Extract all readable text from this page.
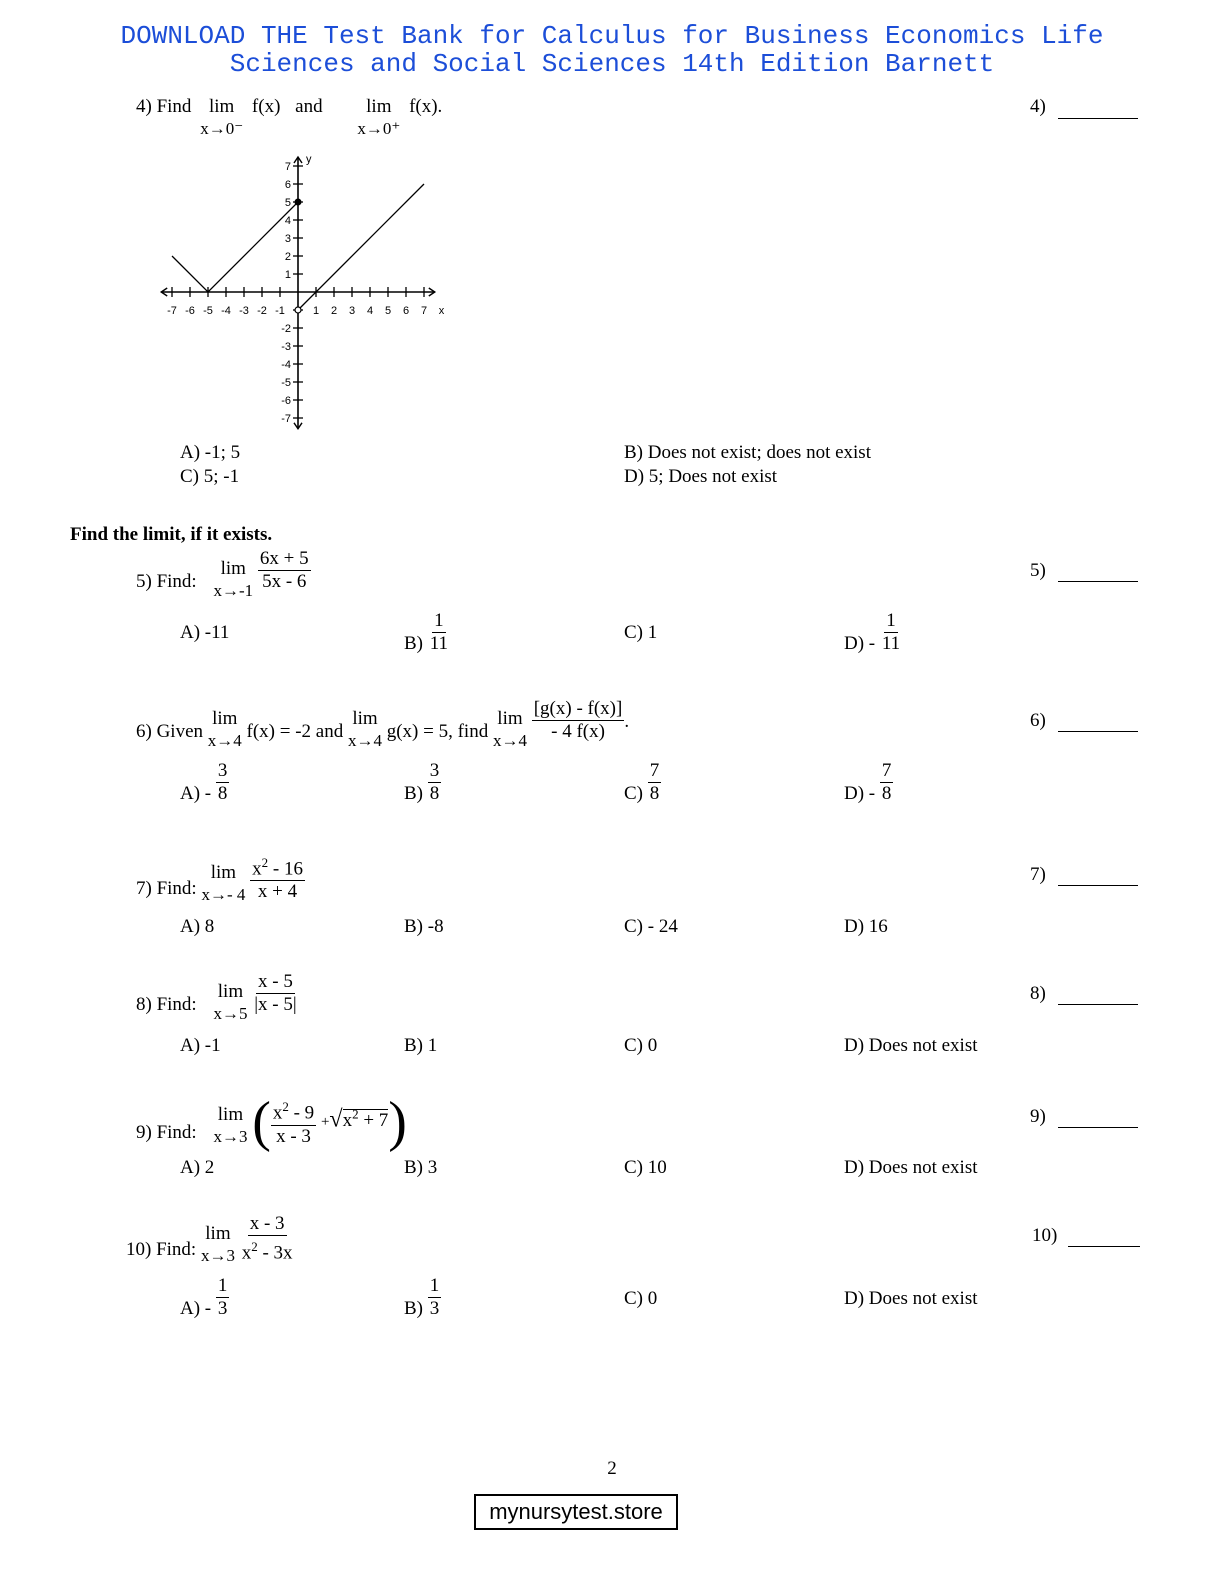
DOWNLOAD THE Test Bank for Calculus for Business Economics Life
Sciences and Social Sciences 14th Edition Barnett
4) Find lim
x→0⁻
f(x) and lim
x→0⁺
f(x).	4)
-7 -6 -5 -4 -3 -2 -1	1 2 3 4 5 6 7
7
6
5
4
3
2
1
-2
-3
-4
-5
-6
-7
x
y
A) -1; 5	B) Does not exist; does not exist
C) 5; -1	D) 5; Does not exist
Find the limit, if it exists.
5) Find:
lim
x→-1
$\frac{6x + 5}{5x - 6}$	5)
A) -11
$B) \frac{1}{11}$	C) 1
$D) - \frac{1}{11}$
6) Given
lim
x→4 f(x) = -2 and
lim
x→4 g(x) = 5, find
lim
x→4
$\frac{[g(x) - f(x)]}{- 4 f(x)}$ .	6)
$A) - \frac{3}{8}$	$B) \frac{3}{8}$	$C) \frac{7}{8}$	$D) - \frac{7}{8}$
7) Find:
lim
x→- 4
$\frac{x^2 - 16}{x + 4}$	7)
A) 8	B) -8	C) - 24	D) 16
8) Find:
lim
x→5
$\frac{x - 5}{|x - 5|}$	8)
A) -1	B) 1	C) 0	D) Does not exist
9) Find:
lim
x→3 ( $\frac{x^2 - 9}{x - 3} +√x^2 + 7$)	9)
A) 2	B) 3	C) 10	D) Does not exist
10) Find:
lim
x→3
$\frac{x - 3}{x^2 - 3x}$	10)
$A) - \frac{1}{3}$	$B) \frac{1}{3}$	C) 0	D) Does not exist
2
mynursytest.store
